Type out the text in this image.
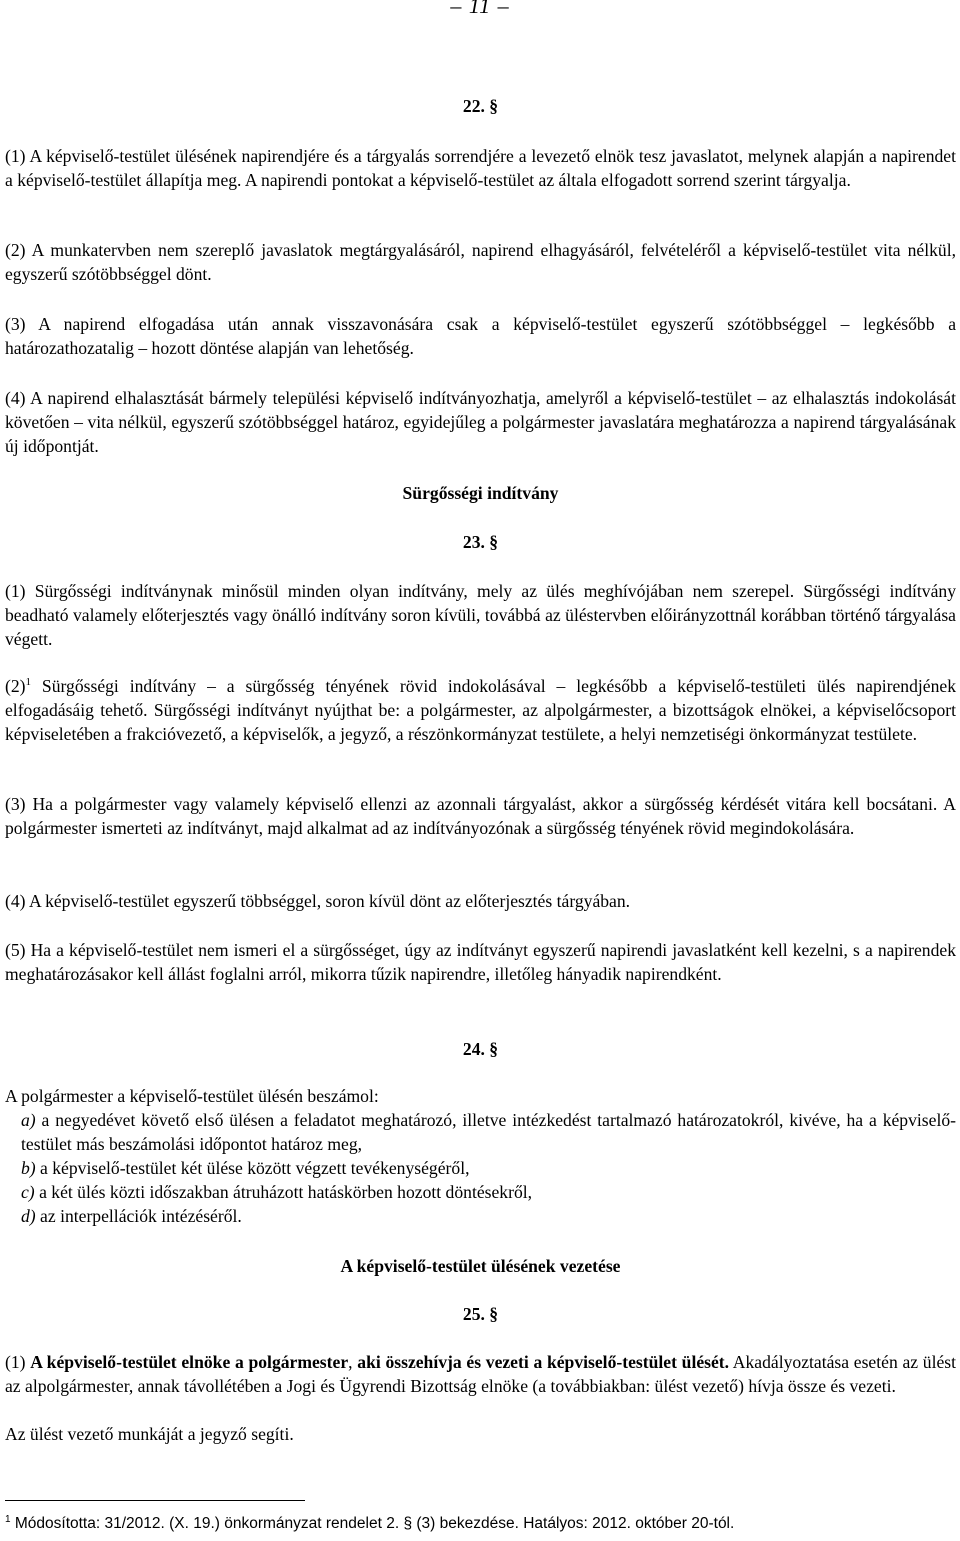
– 11 –
22. §

(1) A képviselő-testület ülésének napirendjére és a tárgyalás sorrendjére a levezető elnök tesz javaslatot, melynek alapján a napirendet a képviselő-testület állapítja meg. A napirendi pontokat a képviselő-testület az általa elfogadott sorrend szerint tárgyalja.

(2) A munkatervben nem szereplő javaslatok megtárgyalásáról, napirend elhagyásáról, felvételéről a képviselő-testület vita nélkül, egyszerű szótöbbséggel dönt.

(3) A napirend elfogadása után annak visszavonására csak a képviselő-testület egyszerű szótöbbséggel – legkésőbb a határozathozatalig – hozott döntése alapján van lehetőség.

(4) A napirend elhalasztását bármely települési képviselő indítványozhatja, amelyről a képviselő-testület – az elhalasztás indokolását követően – vita nélkül, egyszerű szótöbbséggel határoz, egyidejűleg a polgármester javaslatára meghatározza a napirend tárgyalásának új időpontját.

Sürgősségi indítvány
23. §

(1) Sürgősségi indítványnak minősül minden olyan indítvány, mely az ülés meghívójában nem szerepel. Sürgősségi indítvány beadható valamely előterjesztés vagy önálló indítvány soron kívüli, továbbá az üléstervben előirányzottnál korábban történő tárgyalása végett.

$(2)^1$ Sürgősségi indítvány – a sürgősség tényének rövid indokolásával – legkésőbb a képviselő-testületi ülés napirendjének elfogadásáig tehető. Sürgősségi indítványt nyújthat be: a polgármester, az alpolgármester, a bizottságok elnökei, a képviselőcsoport képviseletében a frakcióvezető, a képviselők, a jegyző, a részönkormányzat testülete, a helyi nemzetiségi önkormányzat testülete.

(3) Ha a polgármester vagy valamely képviselő ellenzi az azonnali tárgyalást, akkor a sürgősség kérdését vitára kell bocsátani. A polgármester ismerteti az indítványt, majd alkalmat ad az indítványozónak a sürgősség tényének rövid megindokolására.

(4) A képviselő-testület egyszerű többséggel, soron kívül dönt az előterjesztés tárgyában.

(5) Ha a képviselő-testület nem ismeri el a sürgősséget, úgy az indítványt egyszerű napirendi javaslatként kell kezelni, s a napirendek meghatározásakor kell állást foglalni arról, mikorra tűzik napirendre, illetőleg hányadik napirendként.

24. §
A polgármester a képviselő-testület ülésén beszámol:
a) a negyedévet követő első ülésen a feladatot meghatározó, illetve intézkedést tartalmazó határozatokról, kivéve, ha a képviselő-testület más beszámolási időpontot határoz meg,
b) a képviselő-testület két ülése között végzett tevékenységéről,
c) a két ülés közti időszakban átruházott hatáskörben hozott döntésekről,
d) az interpellációk intézéséről.
A képviselő-testület ülésének vezetése
25. §

(1) A képviselő-testület elnöke a polgármester, aki összehívja és vezeti a képviselő-testület ülését. Akadályoztatása esetén az ülést az alpolgármester, annak távollétében a Jogi és Ügyrendi Bizottság elnöke (a továbbiakban: ülést vezető) hívja össze és vezeti.

Az ülést vezető munkáját a jegyző segíti.

$^1$ Módosította: 31/2012. (X. 19.) önkormányzat rendelet 2. § (3) bekezdése. Hatályos: 2012. október 20-tól.
